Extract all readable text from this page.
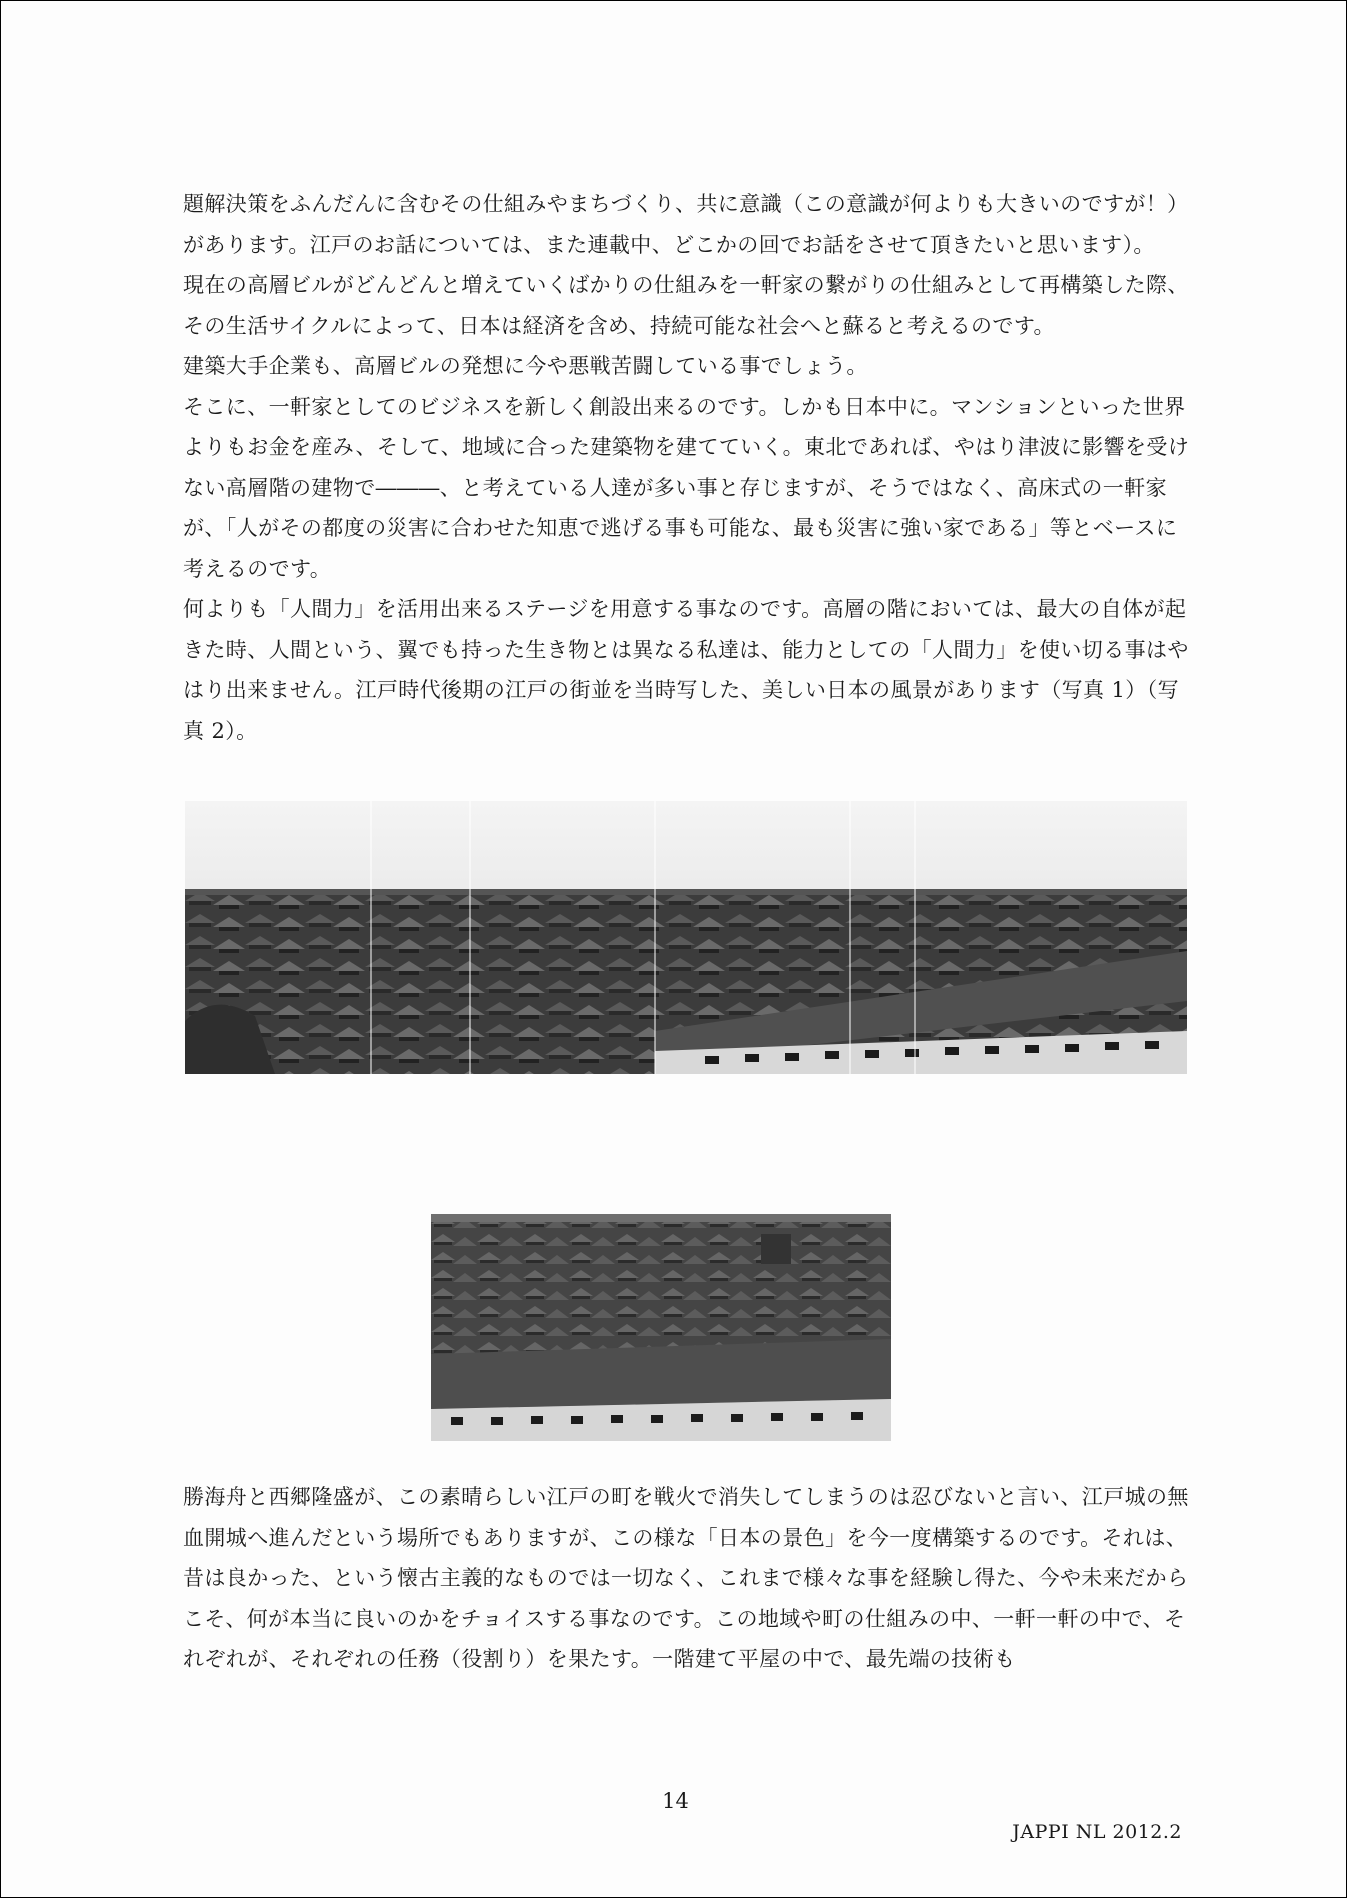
題解決策をふんだんに含むその仕組みやまちづくり、共に意識（この意識が何よりも大きいのですが！）があります。江戸のお話については、また連載中、どこかの回でお話をさせて頂きたいと思います）。

現在の高層ビルがどんどんと増えていくばかりの仕組みを一軒家の繋がりの仕組みとして再構築した際、その生活サイクルによって、日本は経済を含め、持続可能な社会へと蘇ると考えるのです。

建築大手企業も、高層ビルの発想に今や悪戦苦闘している事でしょう。

そこに、一軒家としてのビジネスを新しく創設出来るのです。しかも日本中に。マンションといった世界よりもお金を産み、そして、地域に合った建築物を建てていく。東北であれば、やはり津波に影響を受けない高層階の建物で―――、と考えている人達が多い事と存じますが、そうではなく、高床式の一軒家が、「人がその都度の災害に合わせた知恵で逃げる事も可能な、最も災害に強い家である」等とベースに考えるのです。

何よりも「人間力」を活用出来るステージを用意する事なのです。高層の階においては、最大の自体が起きた時、人間という、翼でも持った生き物とは異なる私達は、能力としての「人間力」を使い切る事はやはり出来ません。江戸時代後期の江戸の街並を当時写した、美しい日本の風景があります（写真 1）（写真 2）。

勝海舟と西郷隆盛が、この素晴らしい江戸の町を戦火で消失してしまうのは忍びないと言い、江戸城の無血開城へ進んだという場所でもありますが、この様な「日本の景色」を今一度構築するのです。それは、昔は良かった、という懐古主義的なものでは一切なく、これまで様々な事を経験し得た、今や未来だからこそ、何が本当に良いのかをチョイスする事なのです。この地域や町の仕組みの中、一軒一軒の中で、それぞれが、それぞれの任務（役割り）を果たす。一階建て平屋の中で、最先端の技術も

14
JAPPI NL 2012.2
